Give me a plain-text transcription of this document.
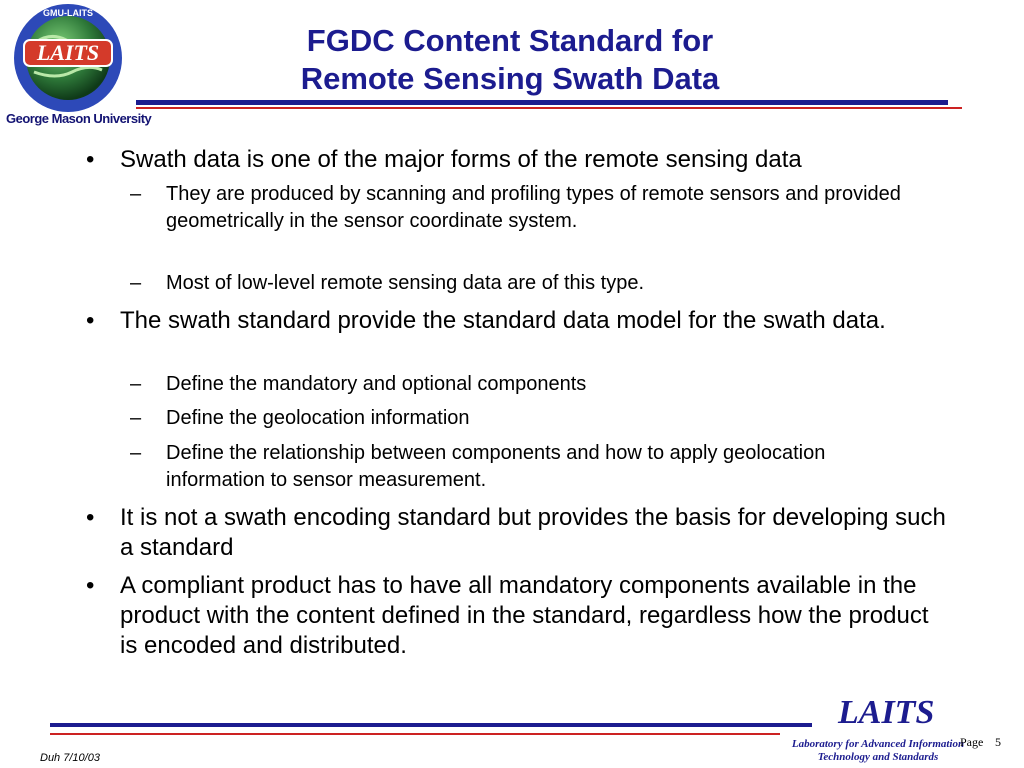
LAITS
GMU-LAITS
George Mason University
FGDC Content Standard for
Remote Sensing Swath Data
• Swath data is one of the major forms of the remote sensing data
– They are produced by scanning and profiling types of remote sensors and provided geometrically in the sensor coordinate system.
– Most of low-level remote sensing data are of this type.
• The swath standard provide the standard data model for the swath data.
– Define the mandatory and optional components
– Define the geolocation information
– Define the relationship between components and how to apply geolocation information to sensor measurement.
• It is not a swath encoding standard but provides the basis for developing such a standard
• A compliant product has to have all mandatory components available in the product with the content defined in the standard, regardless how the product is encoded and distributed.
LAITS
Laboratory for Advanced Information
Technology and Standards
Page 5
Duh 7/10/03
